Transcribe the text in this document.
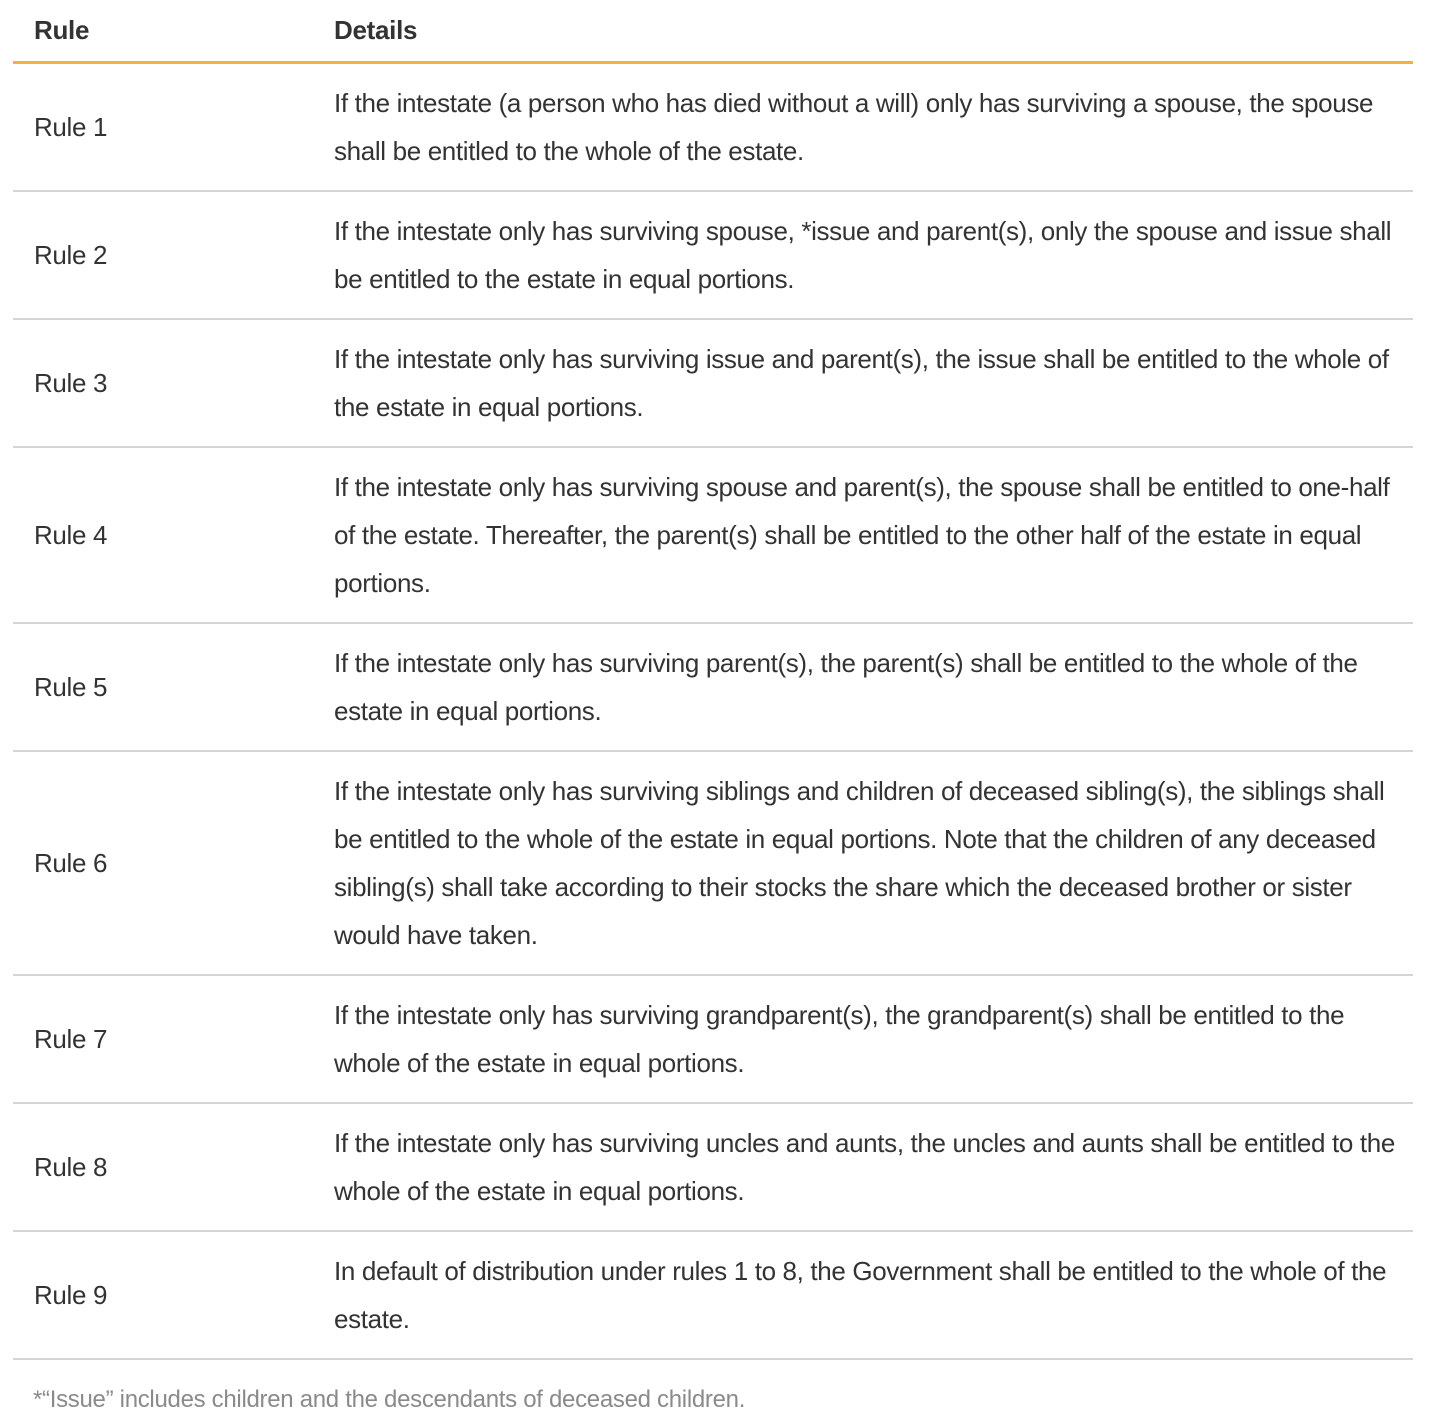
Rule	Details
Rule 1	If the intestate (a person who has died without a will) only has surviving a spouse, the spouse shall be entitled to the whole of the estate.
Rule 2	If the intestate only has surviving spouse, *issue and parent(s), only the spouse and issue shall be entitled to the estate in equal portions.
Rule 3	If the intestate only has surviving issue and parent(s), the issue shall be entitled to the whole of the estate in equal portions.
Rule 4	If the intestate only has surviving spouse and parent(s), the spouse shall be entitled to one-half of the estate. Thereafter, the parent(s) shall be entitled to the other half of the estate in equal portions.
Rule 5	If the intestate only has surviving parent(s), the parent(s) shall be entitled to the whole of the estate in equal portions.
Rule 6	If the intestate only has surviving siblings and children of deceased sibling(s), the siblings shall be entitled to the whole of the estate in equal portions. Note that the children of any deceased sibling(s) shall take according to their stocks the share which the deceased brother or sister would have taken.
Rule 7	If the intestate only has surviving grandparent(s), the grandparent(s) shall be entitled to the whole of the estate in equal portions.
Rule 8	If the intestate only has surviving uncles and aunts, the uncles and aunts shall be entitled to the whole of the estate in equal portions.
Rule 9	In default of distribution under rules 1 to 8, the Government shall be entitled to the whole of the estate.
*“Issue” includes children and the descendants of deceased children.
